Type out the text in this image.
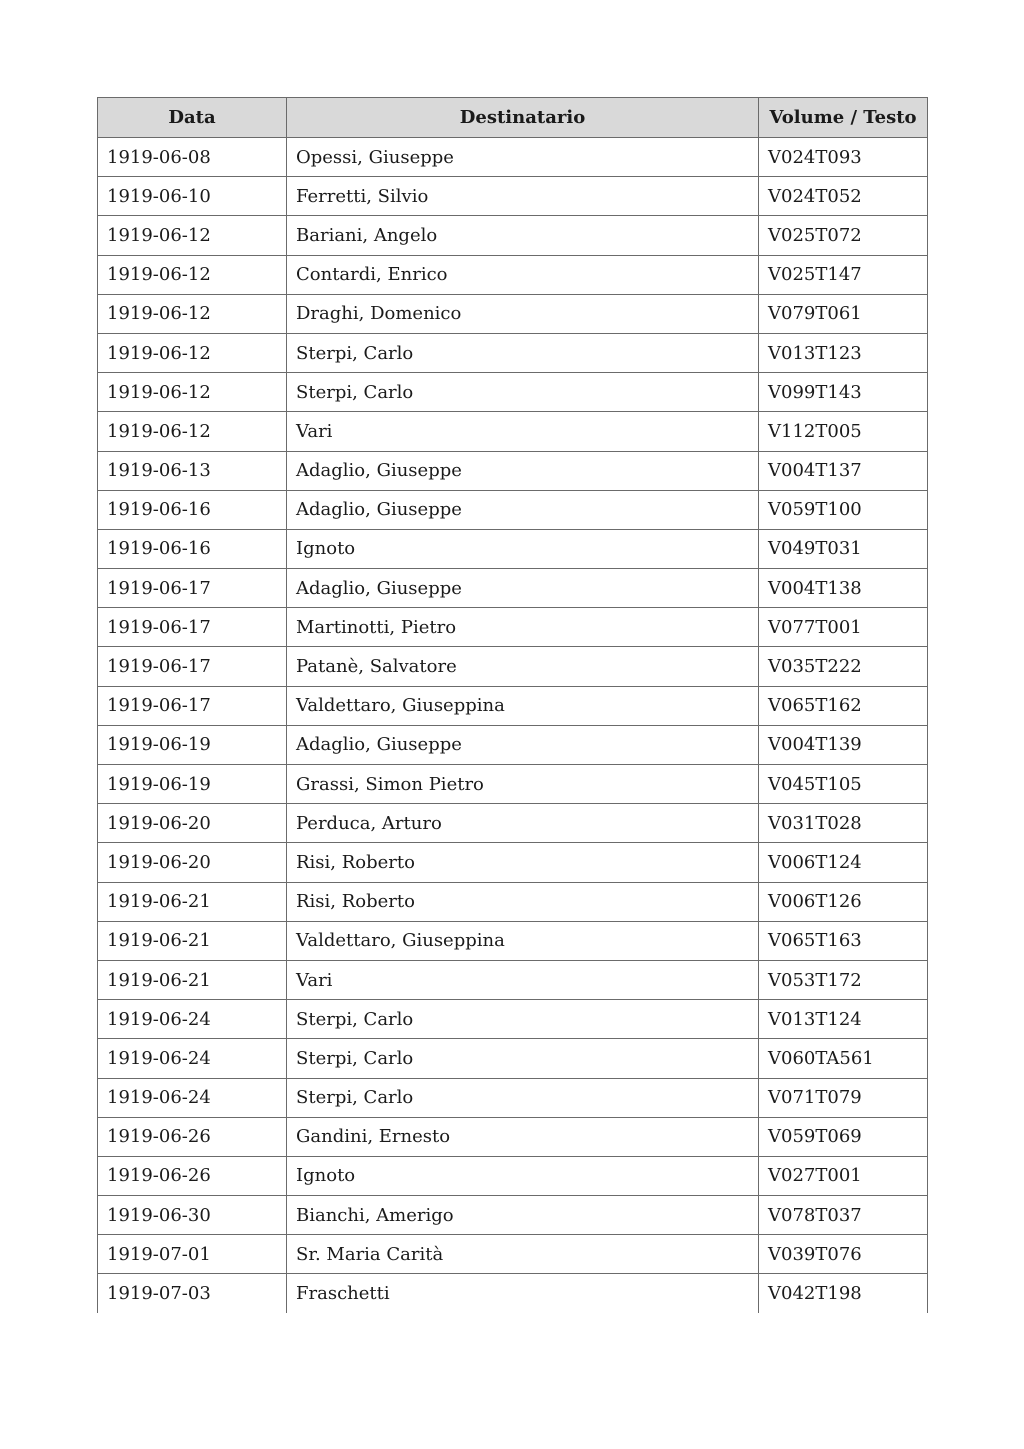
Data	Destinatario	Volume / Testo
1919-06-08	Opessi, Giuseppe	V024T093
1919-06-10	Ferretti, Silvio	V024T052
1919-06-12	Bariani, Angelo	V025T072
1919-06-12	Contardi, Enrico	V025T147
1919-06-12	Draghi, Domenico	V079T061
1919-06-12	Sterpi, Carlo	V013T123
1919-06-12	Sterpi, Carlo	V099T143
1919-06-12	Vari	V112T005
1919-06-13	Adaglio, Giuseppe	V004T137
1919-06-16	Adaglio, Giuseppe	V059T100
1919-06-16	Ignoto	V049T031
1919-06-17	Adaglio, Giuseppe	V004T138
1919-06-17	Martinotti, Pietro	V077T001
1919-06-17	Patanè, Salvatore	V035T222
1919-06-17	Valdettaro, Giuseppina	V065T162
1919-06-19	Adaglio, Giuseppe	V004T139
1919-06-19	Grassi, Simon Pietro	V045T105
1919-06-20	Perduca, Arturo	V031T028
1919-06-20	Risi, Roberto	V006T124
1919-06-21	Risi, Roberto	V006T126
1919-06-21	Valdettaro, Giuseppina	V065T163
1919-06-21	Vari	V053T172
1919-06-24	Sterpi, Carlo	V013T124
1919-06-24	Sterpi, Carlo	V060TA561
1919-06-24	Sterpi, Carlo	V071T079
1919-06-26	Gandini, Ernesto	V059T069
1919-06-26	Ignoto	V027T001
1919-06-30	Bianchi, Amerigo	V078T037
1919-07-01	Sr. Maria Carità	V039T076
1919-07-03	Fraschetti	V042T198
